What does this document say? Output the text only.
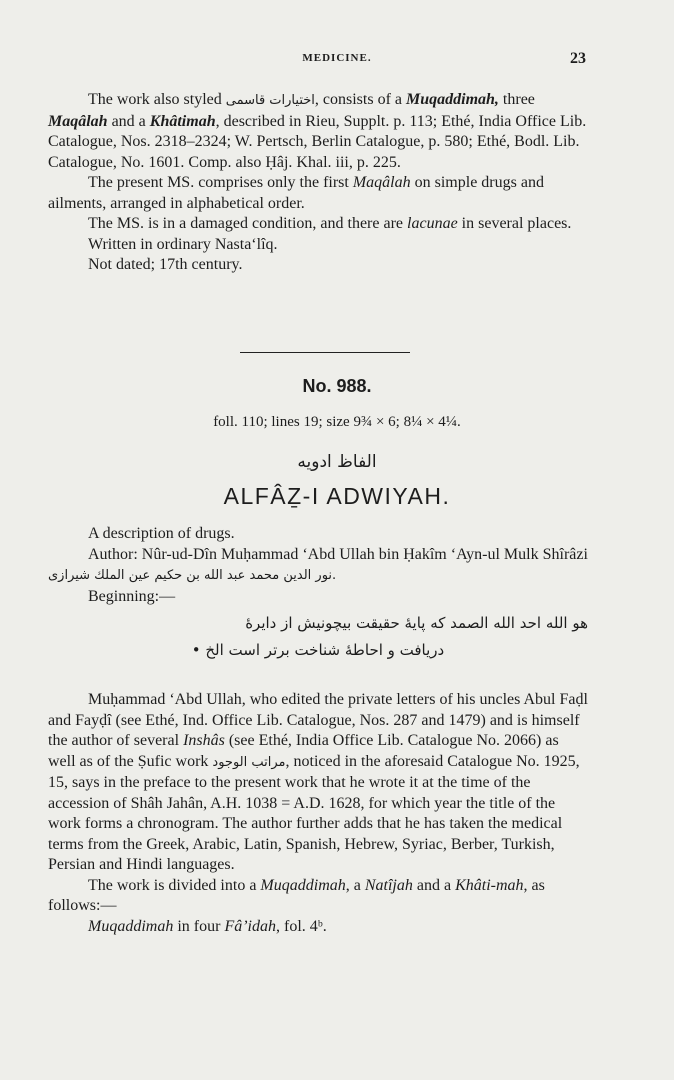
MEDICINE.	23
The work also styled اختيارات قاسمی, consists of a Muqaddimah, three Maqâlah and a Khâtimah, described in Rieu, Supplt. p. 113; Ethé, India Office Lib. Catalogue, Nos. 2318–2324; W. Pertsch, Berlin Catalogue, p. 580; Ethé, Bodl. Lib. Catalogue, No. 1601. Comp. also Ḥâj. Khal. iii, p. 225.
The present MS. comprises only the first Maqâlah on simple drugs and ailments, arranged in alphabetical order.
The MS. is in a damaged condition, and there are lacunae in several places.
Written in ordinary Nasta‘lîq.
Not dated; 17th century.
No. 988.
foll. 110; lines 19; size 9¾ × 6; 8¼ × 4¼.
الفاظ ادویه
ALFÂẔ-I ADWIYAH.
A description of drugs.
Author: Nûr-ud-Dîn Muḥammad ‘Abd Ullah bin Ḥakîm ‘Ayn-ul Mulk Shîrâzi نور الدین محمد عبد الله بن حکیم عین الملك شیرازی.
Beginning:—
هو الله احد الله الصمد که پایهٔ حقیقت بیچونیش از دایرهٔ
دریافت و احاطهٔ شناخت برتر است الخ •
Muḥammad ‘Abd Ullah, who edited the private letters of his uncles Abul Faḍl and Fayḍî (see Ethé, Ind. Office Lib. Catalogue, Nos. 287 and 1479) and is himself the author of several Inshâs (see Ethé, India Office Lib. Catalogue No. 2066) as well as of the Ṣufic work مراتب الوجود, noticed in the aforesaid Catalogue No. 1925, 15, says in the preface to the present work that he wrote it at the time of the accession of Shâh Jahân, A.H. 1038 = A.D. 1628, for which year the title of the work forms a chronogram. The author further adds that he has taken the medical terms from the Greek, Arabic, Latin, Spanish, Hebrew, Syriac, Berber, Turkish, Persian and Hindi languages.
The work is divided into a Muqaddimah, a Natîjah and a Khâti-mah, as follows:—
Muqaddimah in four Fâ’idah, fol. 4ᵇ.
